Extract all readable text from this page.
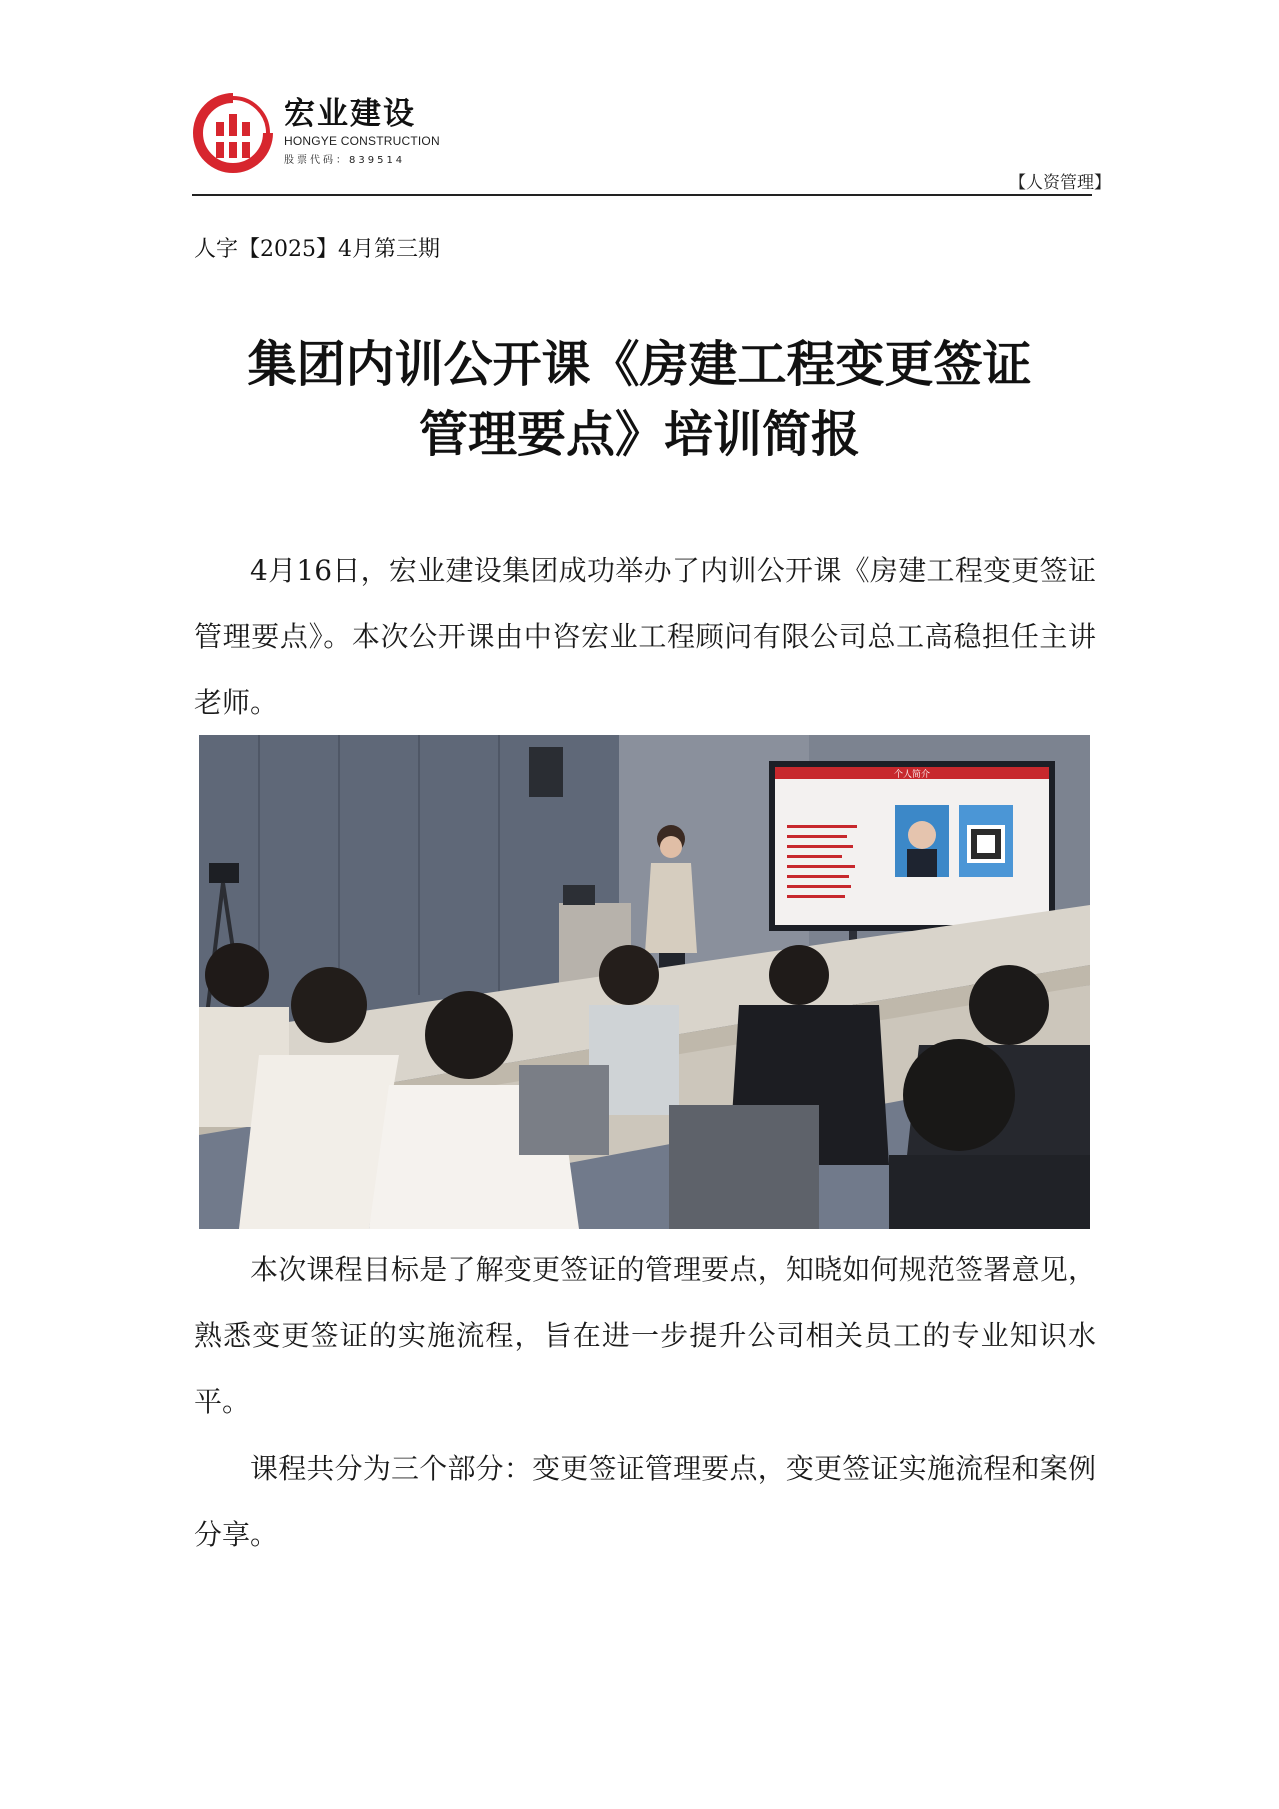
宏业建设
HONGYE CONSTRUCTION
股票代码：839514
【人资管理】
人字【2025】4月第三期
集团内训公开课《房建工程变更签证
管理要点》培训简报

4月16日，宏业建设集团成功举办了内训公开课《房建工程变更签证管理要点》。本次公开课由中咨宏业工程顾问有限公司总工高稳担任主讲老师。

个人简介

本次课程目标是了解变更签证的管理要点，知晓如何规范签署意见，熟悉变更签证的实施流程，旨在进一步提升公司相关员工的专业知识水平。

课程共分为三个部分：变更签证管理要点，变更签证实施流程和案例分享。
